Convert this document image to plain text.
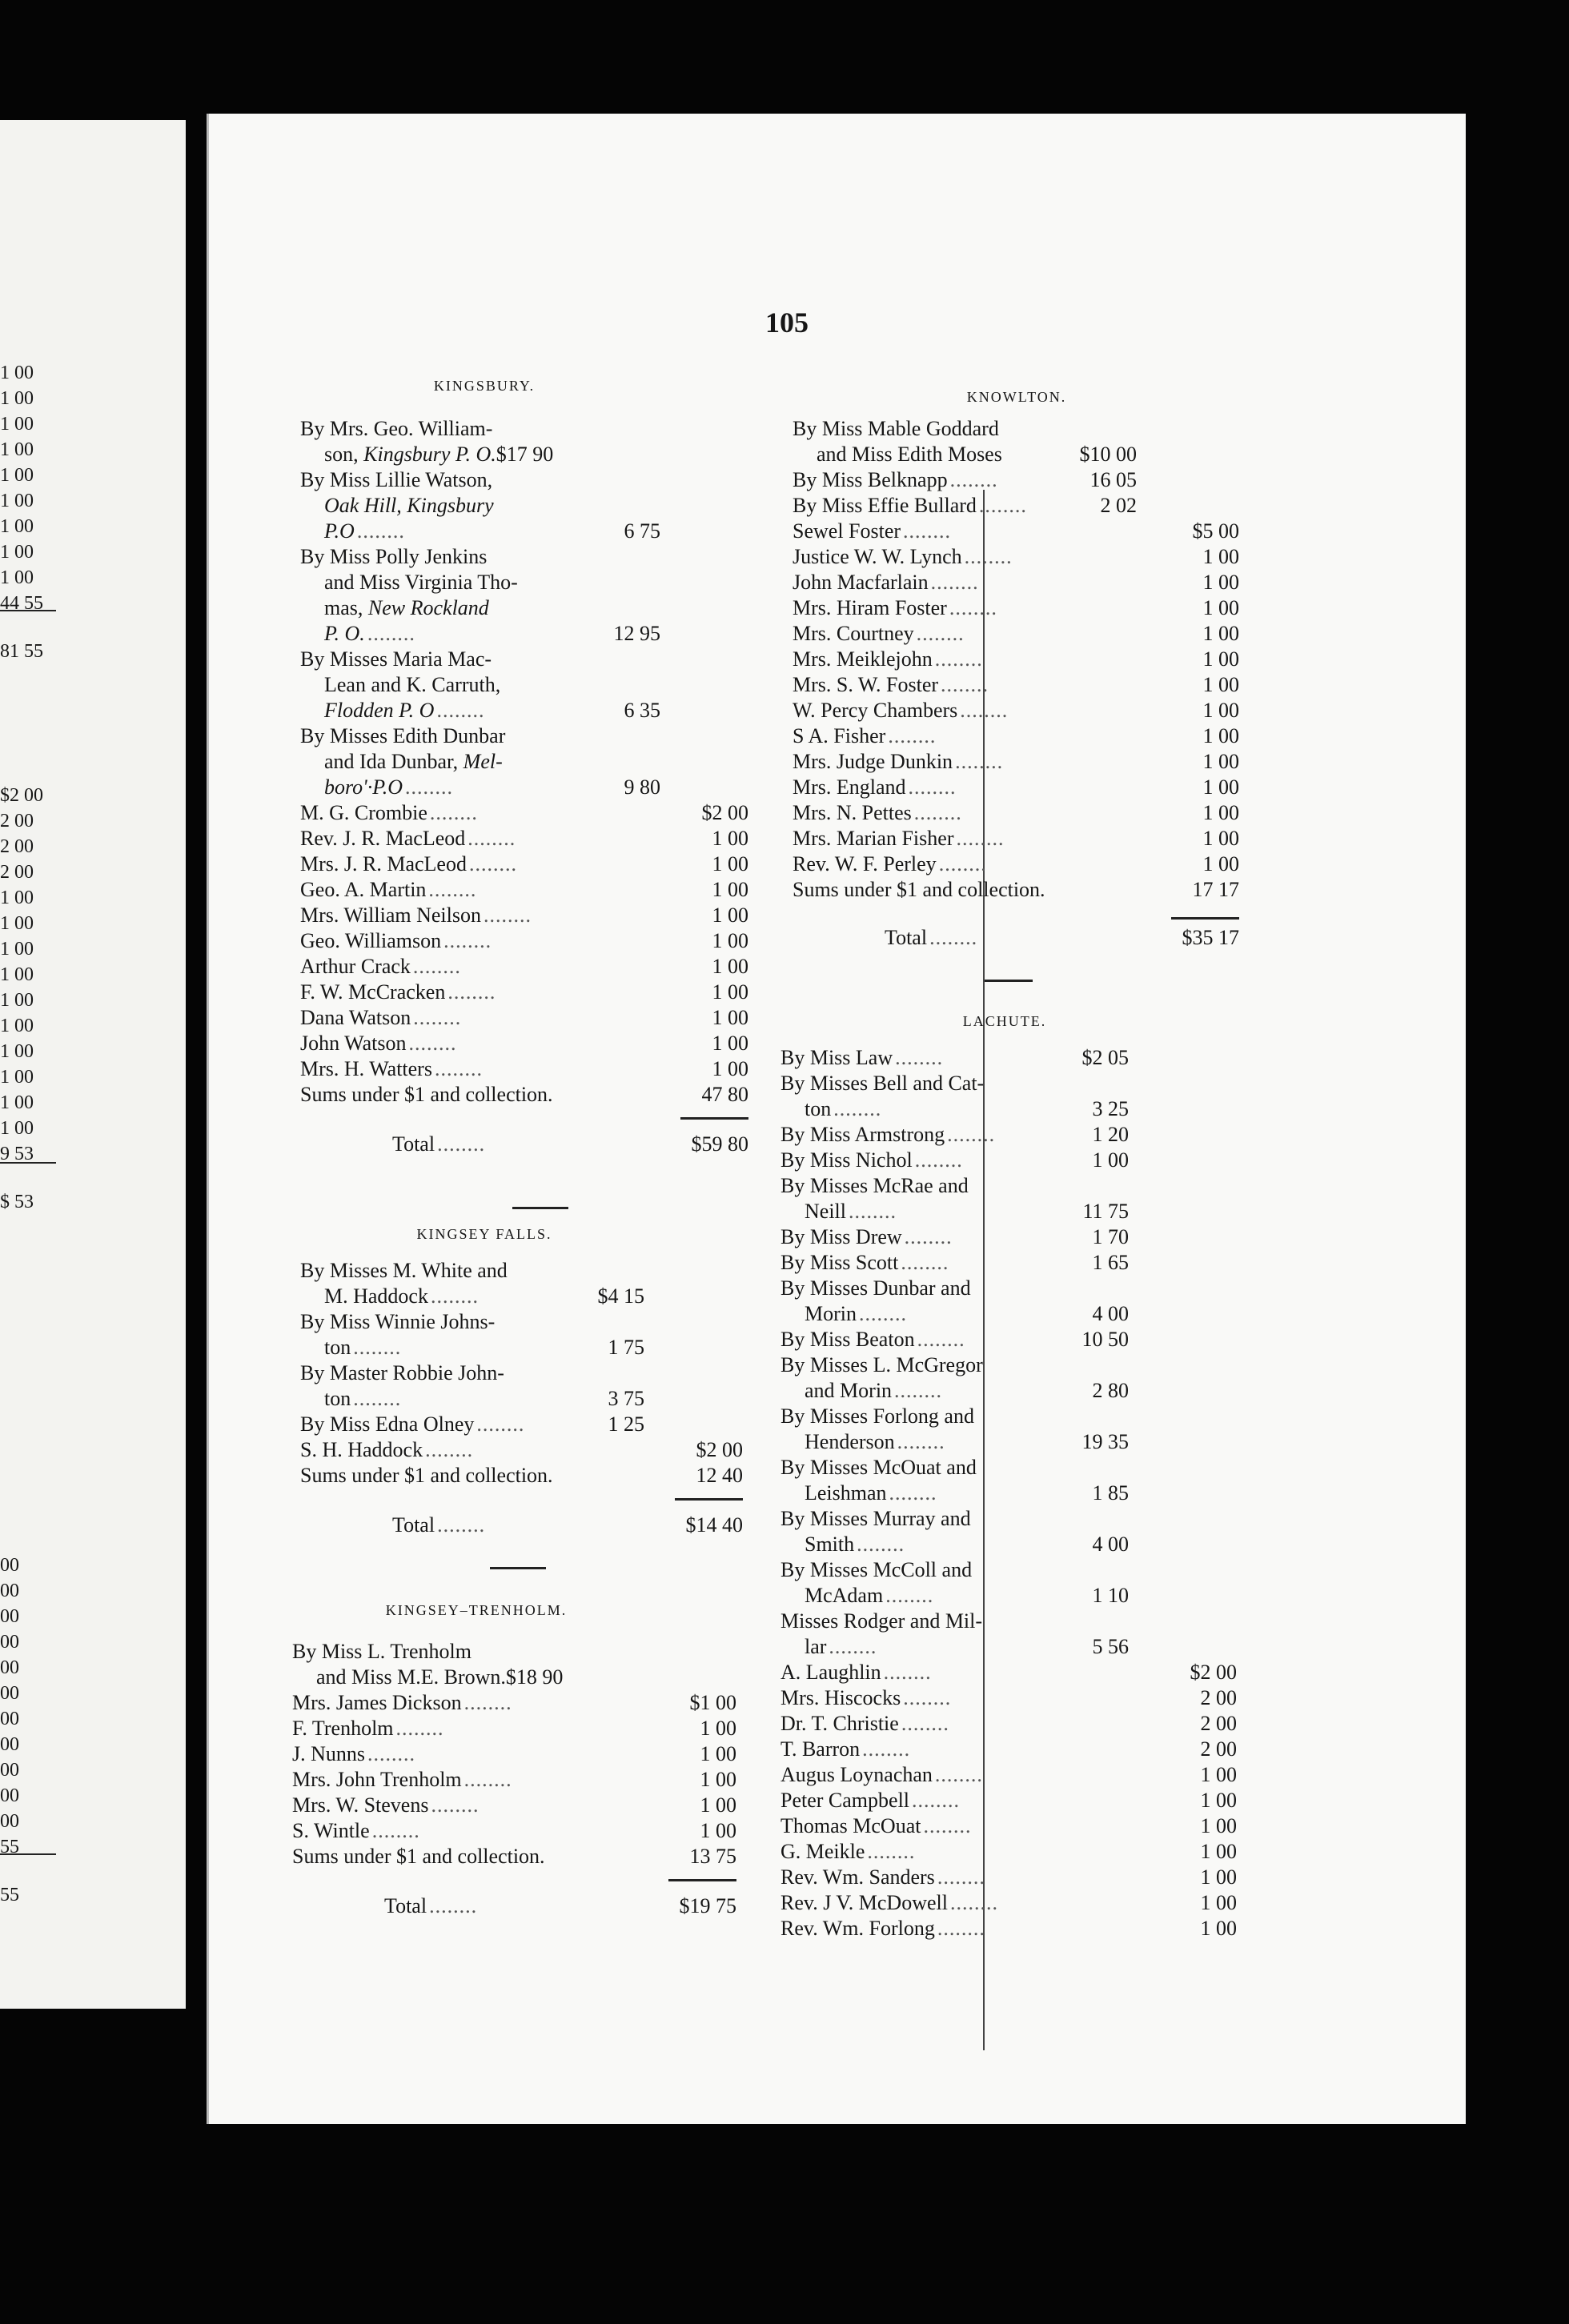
1 00
1 00
1 00
1 00
1 00
1 00
1 00
1 00
1 00
44 55
81 55
$2 00
2 00
2 00
2 00
1 00
1 00
1 00
1 00
1 00
1 00
1 00
1 00
1 00
1 00
9 53
$ 53
00
00
00
00
00
00
00
00
00
00
00
55
55
105
KINGSBURY.
By Mrs. Geo. William-
son, Kingsbury P. O.$17 90
By Miss Lillie Watson,
Oak Hill, Kingsbury
P.O ........	6 75
By Miss Polly Jenkins
and Miss Virginia Tho-
mas, New Rockland
P. O. ........	12 95
By Misses Maria Mac-
Lean and K. Carruth,
Flodden P. O ........	6 35
By Misses Edith Dunbar
and Ida Dunbar, Mel-
boro'·P.O ........	9 80
M. G. Crombie ........	$2 00
Rev. J. R. MacLeod ........	1 00
Mrs. J. R. MacLeod ........	1 00
Geo. A. Martin ........	1 00
Mrs. William Neilson ........	1 00
Geo. Williamson ........	1 00
Arthur Crack ........	1 00
F. W. McCracken ........	1 00
Dana Watson ........	1 00
John Watson ........	1 00
Mrs. H. Watters ........	1 00
Sums under $1 and collection.	47 80
Total ........	$59 80
KINGSEY FALLS.
By Misses M. White and
M. Haddock ........	$4 15
By Miss Winnie Johns-
ton ........	1 75
By Master Robbie John-
ton ........	3 75
By Miss Edna Olney ........	1 25
S. H. Haddock ........	$2 00
Sums under $1 and collection.	12 40
Total ........	$14 40
KINGSEY–TRENHOLM.
By Miss L. Trenholm
and Miss M.E. Brown.$18 90
Mrs. James Dickson ........	$1 00
F. Trenholm ........	1 00
J. Nunns ........	1 00
Mrs. John Trenholm ........	1 00
Mrs. W. Stevens ........	1 00
S. Wintle ........	1 00
Sums under $1 and collection.	13 75
Total ........	$19 75
KNOWLTON.
By Miss Mable Goddard
and Miss Edith Moses	$10 00
By Miss Belknapp ........	16 05
By Miss Effie Bullard ........	2 02
Sewel Foster ........	$5 00
Justice W. W. Lynch ........	1 00
John Macfarlain ........	1 00
Mrs. Hiram Foster ........	1 00
Mrs. Courtney ........	1 00
Mrs. Meiklejohn ........	1 00
Mrs. S. W. Foster ........	1 00
W. Percy Chambers ........	1 00
S A. Fisher ........	1 00
Mrs. Judge Dunkin ........	1 00
Mrs. England ........	1 00
Mrs. N. Pettes ........	1 00
Mrs. Marian Fisher ........	1 00
Rev. W. F. Perley ........	1 00
Sums under $1 and collection.	17 17
Total ........	$35 17
LACHUTE.
By Miss Law ........	$2 05
By Misses Bell and Cat-
ton ........	3 25
By Miss Armstrong ........	1 20
By Miss Nichol ........	1 00
By Misses McRae and
Neill ........	11 75
By Miss Drew ........	1 70
By Miss Scott ........	1 65
By Misses Dunbar and
Morin ........	4 00
By Miss Beaton ........	10 50
By Misses L. McGregor
and Morin ........	2 80
By Misses Forlong and
Henderson ........	19 35
By Misses McOuat and
Leishman ........	1 85
By Misses Murray and
Smith ........	4 00
By Misses McColl and
McAdam ........	1 10
Misses Rodger and Mil-
lar ........	5 56
A. Laughlin ........	$2 00
Mrs. Hiscocks ........	2 00
Dr. T. Christie ........	2 00
T. Barron ........	2 00
Augus Loynachan ........	1 00
Peter Campbell ........	1 00
Thomas McOuat ........	1 00
G. Meikle ........	1 00
Rev. Wm. Sanders ........	1 00
Rev. J V. McDowell ........	1 00
Rev. Wm. Forlong ........	1 00
